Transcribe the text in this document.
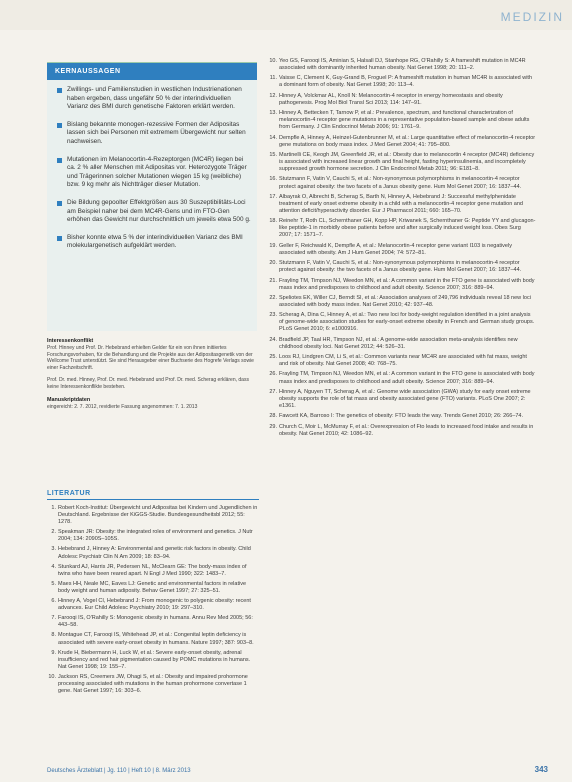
MEDIZIN
KERNAUSSAGEN
Zwillings- und Familienstudien in westlichen Industrienationen haben ergeben, dass ungefähr 50 % der interindividuellen Varianz des BMI durch genetische Faktoren erklärt werden.
Bislang bekannte monogen-rezessive Formen der Adipositas lassen sich bei Personen mit extremem Übergewicht nur selten nachweisen.
Mutationen im Melanocortin-4-Rezeptorgen (MC4R) liegen bei ca. 2 % aller Menschen mit Adipositas vor. Heterozygote Träger und Trägerinnen solcher Mutationen wiegen 15 kg (weibliche) bzw. 9 kg mehr als Nichtträger dieser Mutation.
Die Bildung gepoolter Effektgrößen aus 30 Suszeptibilitäts-Loci am Beispiel naher bei dem MC4R-Gens und im FTO-Gen erhöhen das Gewicht nur durchschnittlich um jeweils etwa 500 g.
Bisher konnte etwa 5 % der interindividuellen Varianz des BMI molekulargenetisch aufgeklärt werden.
Interessenkonflikt
Prof. Hinney und Prof. Dr. Hebebrand erhielten Gelder für ein von ihnen initiiertes Forschungsvorhaben, für die Behandlung und die Projekte aus der Adipositasgenetik von der Wellcome Trust unterstützt. Sie sind Herausgeber einer Buchserie des Hogrefe Verlags sowie einer Fachzeitschrift.
Prof. Dr. med. Hinney, Prof. Dr. med. Hebebrand und Prof. Dr. med. Scherag erklären, dass keine Interessenkonflikte bestehen.
Manuskriptdaten
eingereicht: 2. 7. 2012, revidierte Fassung angenommen: 7. 1. 2013
LITERATUR
1. Robert Koch-Institut: Übergewicht und Adipositas bei Kindern und Jugendlichen in Deutschland. Ergebnisse der KiGGS-Studie. Bundesgesundheitsbl 2012; 55: 1278.
2. Speakman JR: Obesity: the integrated roles of environment and genetics. J Nutr 2004; 134: 2090S–105S.
3. Hebebrand J, Hinney A: Environmental and genetic risk factors in obesity. Child Adolesc Psychiatr Clin N Am 2009; 18: 83–94.
4. Stunkard AJ, Harris JR, Pedersen NL, McClearn GE: The body-mass index of twins who have been reared apart. N Engl J Med 1990; 322: 1483–7.
5. Maes HH, Neale MC, Eaves LJ: Genetic and environmental factors in relative body weight and human adiposity. Behav Genet 1997; 27: 325–51.
6. Hinney A, Vogel CI, Hebebrand J: From monogenic to polygenic obesity: recent advances. Eur Child Adolesc Psychiatry 2010; 19: 297–310.
7. Farooqi IS, O'Rahilly S: Monogenic obesity in humans. Annu Rev Med 2005; 56: 443–58.
8. Montague CT, Farooqi IS, Whitehead JP, et al.: Congenital leptin deficiency is associated with severe early-onset obesity in humans. Nature 1997; 387: 903–8.
9. Krude H, Biebermann H, Luck W, et al.: Severe early-onset obesity, adrenal insufficiency and red hair pigmentation caused by POMC mutations in humans. Nat Genet 1998; 19: 155–7.
10. Jackson RS, Creemers JW, Ohagi S, et al.: Obesity and impaired prohormone processing associated with mutations in the human prohormone convertase 1 gene. Nat Genet 1997; 16: 303–6.
10. Yeo GS, Farooqi IS, Aminian S, Halsall DJ, Stanhope RG, O'Rahilly S: A frameshift mutation in MC4R associated with dominantly inherited human obesity. Nat Genet 1998; 20: 111–2.
11. Vaisse C, Clement K, Guy-Grand B, Froguel P: A frameshift mutation in human MC4R is associated with a dominant form of obesity. Nat Genet 1998; 20: 113–4.
12. Hinney A, Volckmar AL, Knoll N: Melanocortin-4 receptor in energy homeostasis and obesity pathogenesis. Prog Mol Biol Transl Sci 2013; 114: 147–91.
13. Hinney A, Bettecken T, Tarnow P, et al.: Prevalence, spectrum, and functional characterization of melanocortin-4 receptor gene mutations in a representative population-based sample and obese adults from Germany. J Clin Endocrinol Metab 2006; 91: 1761–9.
14. Dempfle A, Hinney A, Heinzel-Gutenbrunner M, et al.: Large quantitative effect of melanocortin-4 receptor gene mutations on body mass index. J Med Genet 2004; 41: 795–800.
15. Martinelli CE, Keogh JM, Greenfield JR, et al.: Obesity due to melanocortin 4 receptor (MC4R) deficiency is associated with increased linear growth and final height, fasting hyperinsulinemia, and incompletely suppressed growth hormone secretion. J Clin Endocrinol Metab 2011; 96: E181–8.
16. Stutzmann F, Vatin V, Cauchi S, et al.: Non-synonymous polymorphisms in melanocortin-4 receptor protect against obesity: the two facets of a Janus obesity gene. Hum Mol Genet 2007; 16: 1837–44.
17. Albayrak O, Albrecht B, Scherag S, Barth N, Hinney A, Hebebrand J: Successful methylphenidate treatment of early onset extreme obesity in a child with a melanocortin-4 receptor gene mutation and attention deficit/hyperactivity disorder. Eur J Pharmacol 2011; 660: 165–70.
18. Reinehr T, Roth CL, Schernthaner GH, Kopp HP, Kriwanek S, Schernthaner G: Peptide YY and glucagon-like peptide-1 in morbidly obese patients before and after surgically induced weight loss. Obes Surg 2007; 17: 1571–7.
19. Geller F, Reichwald K, Dempfle A, et al.: Melanocortin-4 receptor gene variant I103 is negatively associated with obesity. Am J Hum Genet 2004; 74: 572–81.
20. Stutzmann F, Vatin V, Cauchi S, et al.: Non-synonymous polymorphisms in melanocortin-4 receptor protect against obesity: the two facets of a Janus obesity gene. Hum Mol Genet 2007; 16: 1837–44.
21. Frayling TM, Timpson NJ, Weedon MN, et al.: A common variant in the FTO gene is associated with body mass index and predisposes to childhood and adult obesity. Science 2007; 316: 889–94.
22. Speliotes EK, Willer CJ, Berndt SI, et al.: Association analyses of 249,796 individuals reveal 18 new loci associated with body mass index. Nat Genet 2010; 42: 937–48.
23. Scherag A, Dina C, Hinney A, et al.: Two new loci for body-weight regulation identified in a joint analysis of genome-wide association studies for early-onset extreme obesity in French and German study groups. PLoS Genet 2010; 6: e1000916.
24. Bradfield JP, Taal HR, Timpson NJ, et al.: A genome-wide association meta-analysis identifies new childhood obesity loci. Nat Genet 2012; 44: 526–31.
25. Loos RJ, Lindgren CM, Li S, et al.: Common variants near MC4R are associated with fat mass, weight and risk of obesity. Nat Genet 2008; 40: 768–75.
26. Frayling TM, Timpson NJ, Weedon MN, et al.: A common variant in the FTO gene is associated with body mass index and predisposes to childhood and adult obesity. Science 2007; 316: 889–94.
27. Hinney A, Nguyen TT, Scherag A, et al.: Genome wide association (GWA) study for early onset extreme obesity supports the role of fat mass and obesity associated gene (FTO) variants. PLoS One 2007; 2: e1361.
28. Fawcett KA, Barroso I: The genetics of obesity: FTO leads the way. Trends Genet 2010; 26: 266–74.
29. Church C, Moir L, McMurray F, et al.: Overexpression of Fto leads to increased food intake and results in obesity. Nat Genet 2010; 42: 1086–92.
Deutsches Ärzteblatt | Jg. 110 | Heft 10 | 8. März 2013	343
